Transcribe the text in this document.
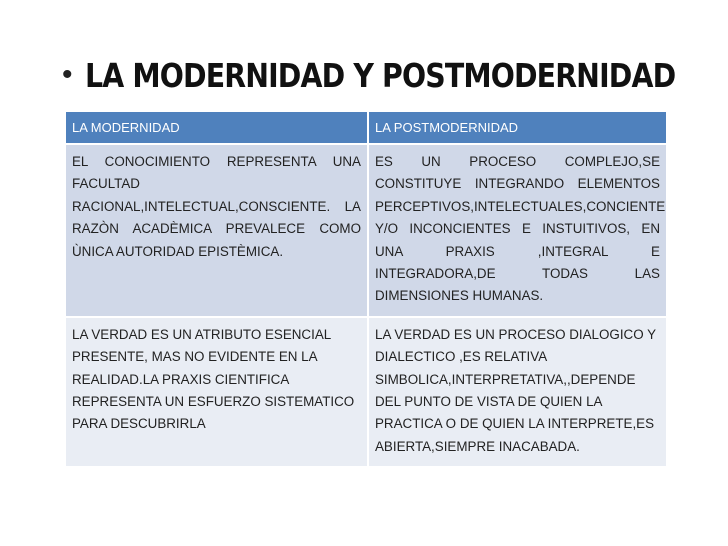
• LA MODERNIDAD Y POSTMODERNIDAD
LA MODERNIDAD	LA POSTMODERNIDAD
EL CONOCIMIENTO REPRESENTA UNA FACULTAD RACIONAL,INTELECTUAL,CONSCIENTE. LA RAZÒN ACADÈMICA PREVALECE COMO ÙNICA AUTORIDAD EPISTÈMICA.	ES UN PROCESO COMPLEJO,SE CONSTITUYE INTEGRANDO ELEMENTOS PERCEPTIVOS,INTELECTUALES,CONCIENTE Y/O INCONCIENTES E INSTUITIVOS, EN UNA PRAXIS ,INTEGRAL E INTEGRADORA,DE TODAS LAS DIMENSIONES HUMANAS.
LA VERDAD ES UN ATRIBUTO ESENCIAL PRESENTE, MAS NO EVIDENTE EN LA REALIDAD.LA PRAXIS CIENTIFICA REPRESENTA UN ESFUERZO SISTEMATICO PARA DESCUBRIRLA	LA VERDAD ES UN PROCESO DIALOGICO Y DIALECTICO ,ES RELATIVA SIMBOLICA,INTERPRETATIVA,,DEPENDE DEL PUNTO DE VISTA DE QUIEN LA PRACTICA O DE QUIEN LA INTERPRETE,ES ABIERTA,SIEMPRE INACABADA.
